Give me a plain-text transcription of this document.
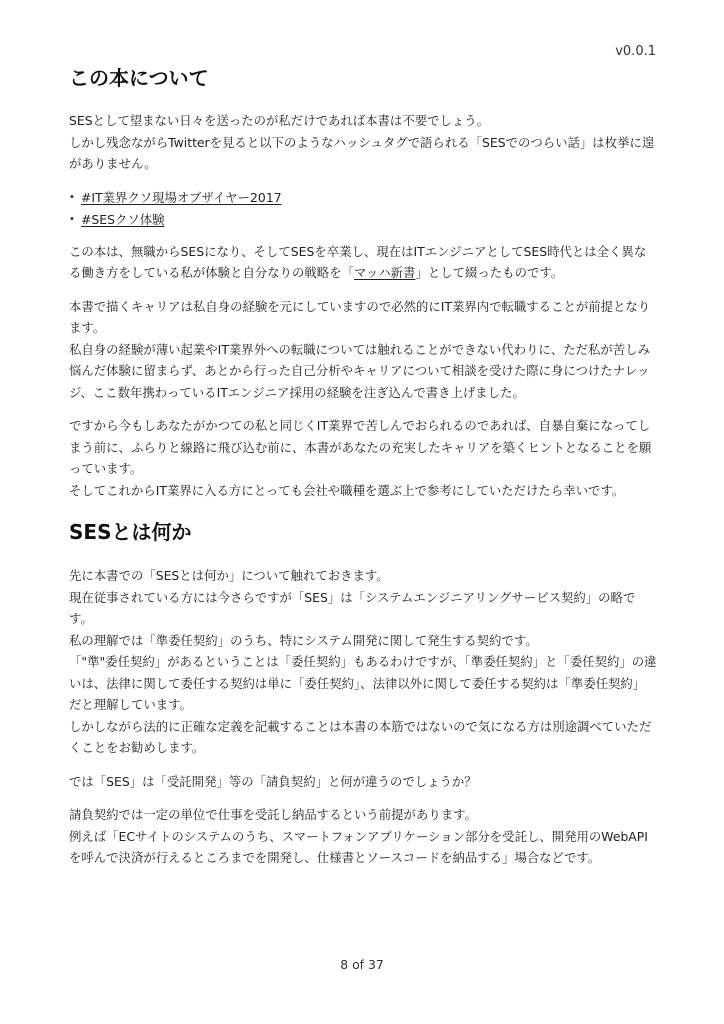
v0.0.1
この本について

SESとして望まない日々を送ったのが私だけであれば本書は不要でしょう。
しかし残念ながらTwitterを見ると以下のようなハッシュタグで語られる「SESでのつらい話」は枚挙に遑がありません。

• #IT業界クソ現場オブザイヤー2017
• #SESクソ体験

この本は、無職からSESになり、そしてSESを卒業し、現在はITエンジニアとしてSES時代とは全く異なる働き方をしている私が体験と自分なりの戦略を「マッハ新書」として綴ったものです。

本書で描くキャリアは私自身の経験を元にしていますので必然的にIT業界内で転職することが前提となります。
私自身の経験が薄い起業やIT業界外への転職については触れることができない代わりに、ただ私が苦しみ悩んだ体験に留まらず、あとから行った自己分析やキャリアについて相談を受けた際に身につけたナレッジ、ここ数年携わっているITエンジニア採用の経験を注ぎ込んで書き上げました。

ですから今もしあなたがかつての私と同じくIT業界で苦しんでおられるのであれば、自暴自棄になってしまう前に、ふらりと線路に飛び込む前に、本書があなたの充実したキャリアを築くヒントとなることを願っています。
そしてこれからIT業界に入る方にとっても会社や職種を選ぶ上で参考にしていただけたら幸いです。

SESとは何か

先に本書での「SESとは何か」について触れておきます。
現在従事されている方には今さらですが「SES」は「システムエンジニアリングサービス契約」の略です。
私の理解では「準委任契約」のうち、特にシステム開発に関して発生する契約です。
「"準"委任契約」があるということは「委任契約」もあるわけですが、「準委任契約」と「委任契約」の違いは、法律に関して委任する契約は単に「委任契約」、法律以外に関して委任する契約は「準委任契約」だと理解しています。
しかしながら法的に正確な定義を記載することは本書の本筋ではないので気になる方は別途調べていただくことをお勧めします。

では「SES」は「受託開発」等の「請負契約」と何が違うのでしょうか？

請負契約では一定の単位で仕事を受託し納品するという前提があります。
例えば「ECサイトのシステムのうち、スマートフォンアプリケーション部分を受託し、開発用のWebAPIを呼んで決済が行えるところまでを開発し、仕様書とソースコードを納品する」場合などです。

8 of 37
